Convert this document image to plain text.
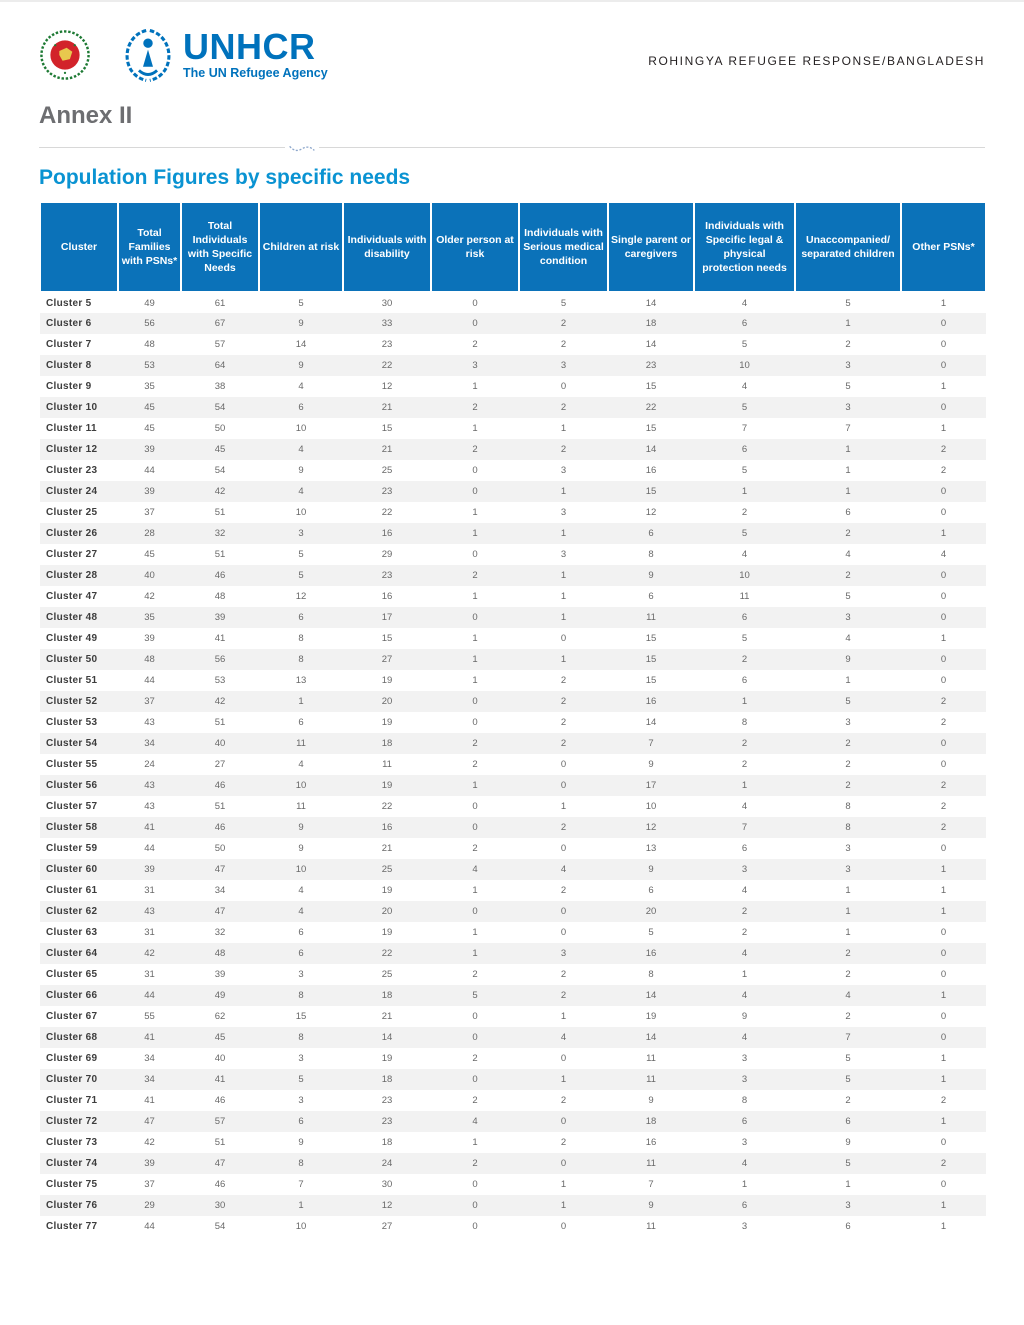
UNHCR
The UN Refugee Agency
ROHINGYA REFUGEE RESPONSE/BANGLADESH
Annex II
Population Figures by specific needs
Cluster	Total Families with PSNs*	Total Individuals with Specific Needs	Children at risk	Individuals with disability	Older person at risk	Individuals with Serious medical condition	Single parent or caregivers	Individuals with Specific legal & physical protection needs	Unaccompanied/ separated children	Other PSNs*
Cluster 5	49	61	5	30	0	5	14	4	5	1
Cluster 6	56	67	9	33	0	2	18	6	1	0
Cluster 7	48	57	14	23	2	2	14	5	2	0
Cluster 8	53	64	9	22	3	3	23	10	3	0
Cluster 9	35	38	4	12	1	0	15	4	5	1
Cluster 10	45	54	6	21	2	2	22	5	3	0
Cluster 11	45	50	10	15	1	1	15	7	7	1
Cluster 12	39	45	4	21	2	2	14	6	1	2
Cluster 23	44	54	9	25	0	3	16	5	1	2
Cluster 24	39	42	4	23	0	1	15	1	1	0
Cluster 25	37	51	10	22	1	3	12	2	6	0
Cluster 26	28	32	3	16	1	1	6	5	2	1
Cluster 27	45	51	5	29	0	3	8	4	4	4
Cluster 28	40	46	5	23	2	1	9	10	2	0
Cluster 47	42	48	12	16	1	1	6	11	5	0
Cluster 48	35	39	6	17	0	1	11	6	3	0
Cluster 49	39	41	8	15	1	0	15	5	4	1
Cluster 50	48	56	8	27	1	1	15	2	9	0
Cluster 51	44	53	13	19	1	2	15	6	1	0
Cluster 52	37	42	1	20	0	2	16	1	5	2
Cluster 53	43	51	6	19	0	2	14	8	3	2
Cluster 54	34	40	11	18	2	2	7	2	2	0
Cluster 55	24	27	4	11	2	0	9	2	2	0
Cluster 56	43	46	10	19	1	0	17	1	2	2
Cluster 57	43	51	11	22	0	1	10	4	8	2
Cluster 58	41	46	9	16	0	2	12	7	8	2
Cluster 59	44	50	9	21	2	0	13	6	3	0
Cluster 60	39	47	10	25	4	4	9	3	3	1
Cluster 61	31	34	4	19	1	2	6	4	1	1
Cluster 62	43	47	4	20	0	0	20	2	1	1
Cluster 63	31	32	6	19	1	0	5	2	1	0
Cluster 64	42	48	6	22	1	3	16	4	2	0
Cluster 65	31	39	3	25	2	2	8	1	2	0
Cluster 66	44	49	8	18	5	2	14	4	4	1
Cluster 67	55	62	15	21	0	1	19	9	2	0
Cluster 68	41	45	8	14	0	4	14	4	7	0
Cluster 69	34	40	3	19	2	0	11	3	5	1
Cluster 70	34	41	5	18	0	1	11	3	5	1
Cluster 71	41	46	3	23	2	2	9	8	2	2
Cluster 72	47	57	6	23	4	0	18	6	6	1
Cluster 73	42	51	9	18	1	2	16	3	9	0
Cluster 74	39	47	8	24	2	0	11	4	5	2
Cluster 75	37	46	7	30	0	1	7	1	1	0
Cluster 76	29	30	1	12	0	1	9	6	3	1
Cluster 77	44	54	10	27	0	0	11	3	6	1
